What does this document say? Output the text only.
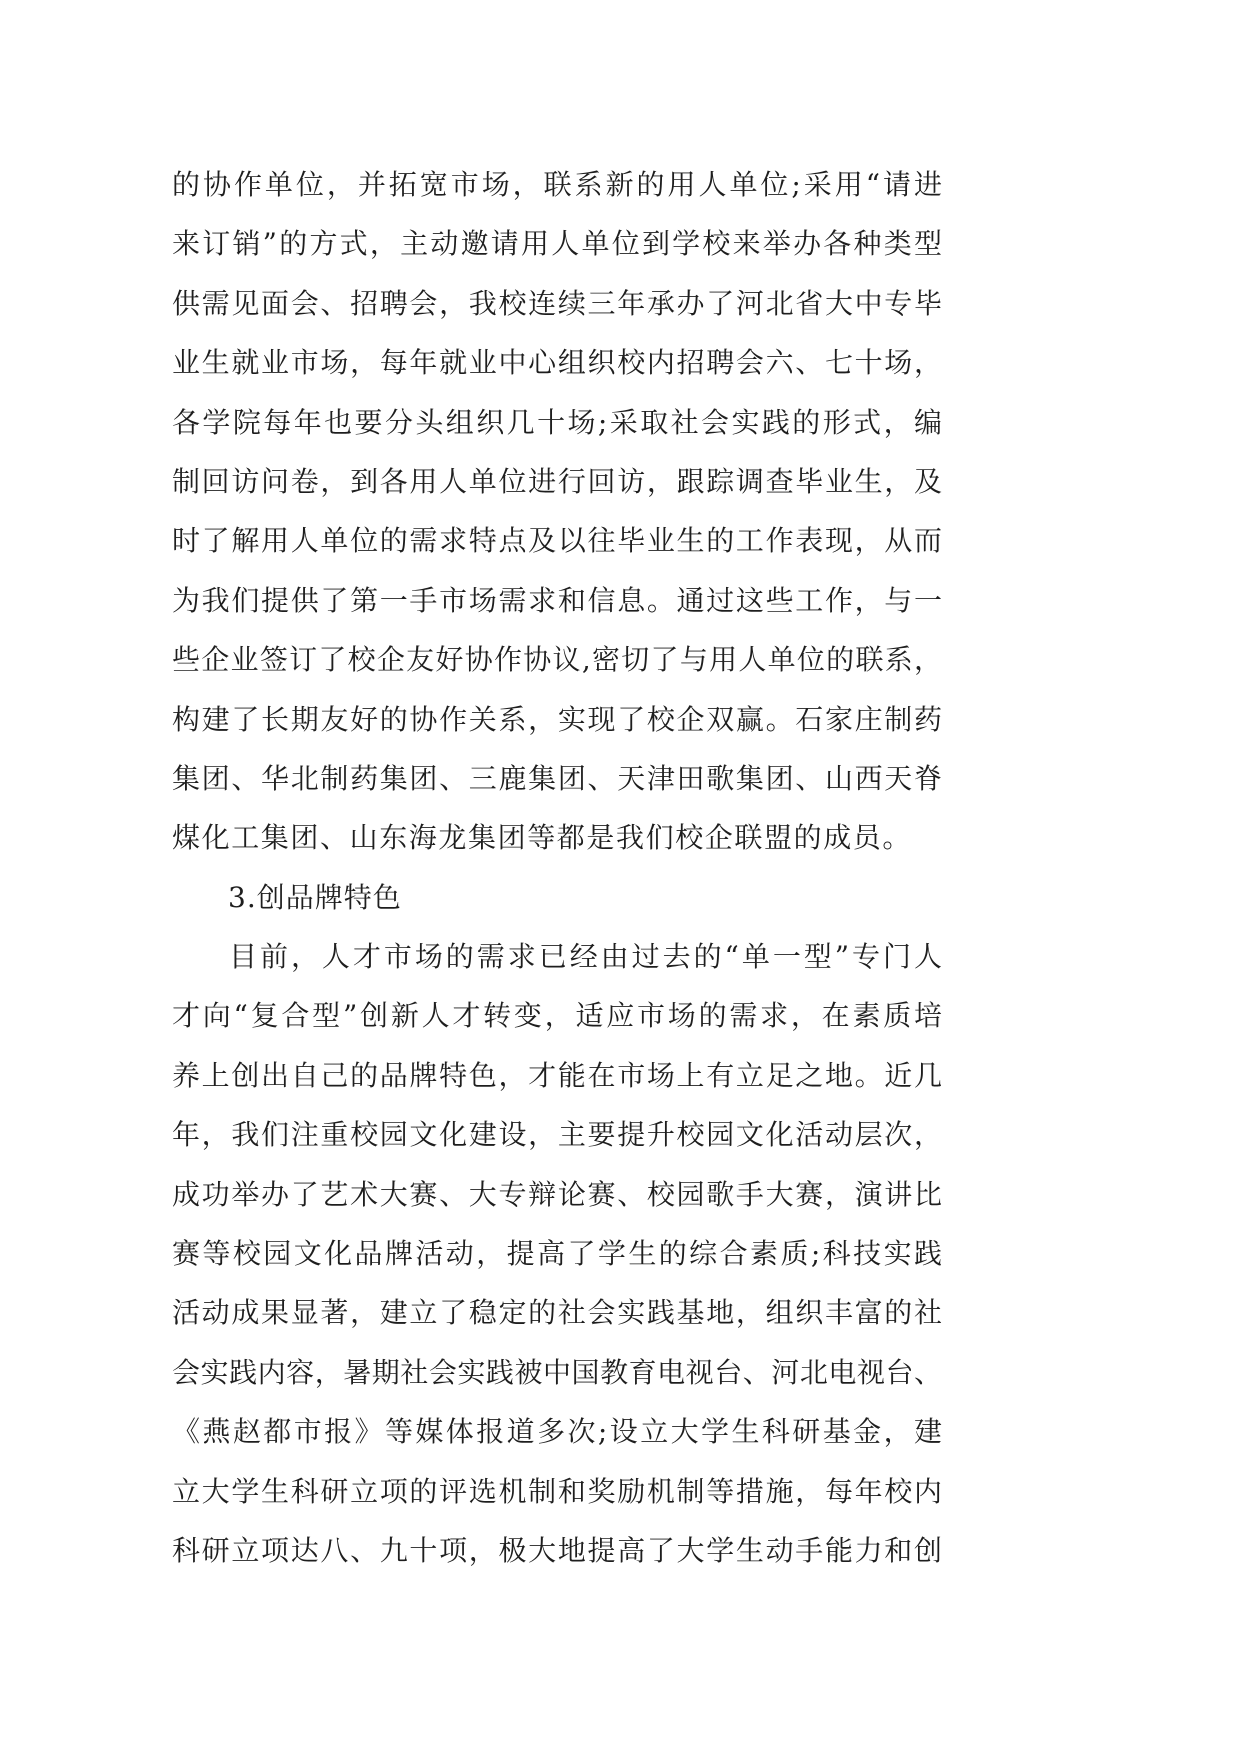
的协作单位，并拓宽市场，联系新的用人单位;采用“请进
来订销”的方式，主动邀请用人单位到学校来举办各种类型
供需见面会、招聘会，我校连续三年承办了河北省大中专毕
业生就业市场，每年就业中心组织校内招聘会六、七十场，
各学院每年也要分头组织几十场;采取社会实践的形式，编
制回访问卷，到各用人单位进行回访，跟踪调查毕业生，及
时了解用人单位的需求特点及以往毕业生的工作表现，从而
为我们提供了第一手市场需求和信息。通过这些工作，与一
些企业签订了校企友好协作协议,密切了与用人单位的联系，
构建了长期友好的协作关系，实现了校企双赢。石家庄制药
集团、华北制药集团、三鹿集团、天津田歌集团、山西天脊
煤化工集团、山东海龙集团等都是我们校企联盟的成员。
3.创品牌特色
目前，人才市场的需求已经由过去的“单一型”专门人
才向“复合型”创新人才转变，适应市场的需求，在素质培
养上创出自己的品牌特色，才能在市场上有立足之地。近几
年，我们注重校园文化建设，主要提升校园文化活动层次，
成功举办了艺术大赛、大专辩论赛、校园歌手大赛，演讲比
赛等校园文化品牌活动，提高了学生的综合素质;科技实践
活动成果显著，建立了稳定的社会实践基地，组织丰富的社
会实践内容，暑期社会实践被中国教育电视台、河北电视台、
《燕赵都市报》等媒体报道多次;设立大学生科研基金，建
立大学生科研立项的评选机制和奖励机制等措施，每年校内
科研立项达八、九十项，极大地提高了大学生动手能力和创
